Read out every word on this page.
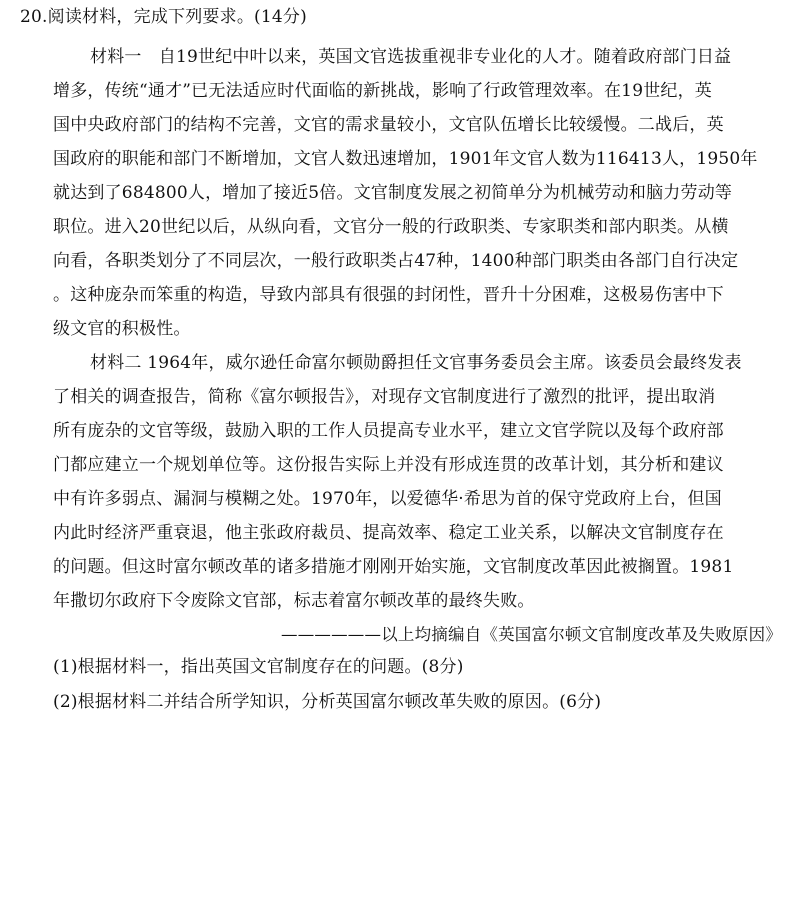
20.阅读材料，完成下列要求。(14分)
材料一　自19世纪中叶以来，英国文官选拔重视非专业化的人才。随着政府部门日益
增多，传统“通才”已无法适应时代面临的新挑战，影响了行政管理效率。在19世纪，英
国中央政府部门的结构不完善，文官的需求量较小，文官队伍增长比较缓慢。二战后，英
国政府的职能和部门不断增加，文官人数迅速增加，1901年文官人数为116413人，1950年
就达到了684800人，增加了接近5倍。文官制度发展之初简单分为机械劳动和脑力劳动等
职位。进入20世纪以后，从纵向看，文官分一般的行政职类、专家职类和部内职类。从横
向看，各职类划分了不同层次，一般行政职类占47种，1400种部门职类由各部门自行决定
。这种庞杂而笨重的构造，导致内部具有很强的封闭性，晋升十分困难，这极易伤害中下
级文官的积极性。
材料二 1964年，威尔逊任命富尔顿勋爵担任文官事务委员会主席。该委员会最终发表
了相关的调查报告，简称《富尔顿报告》，对现存文官制度进行了激烈的批评，提出取消
所有庞杂的文官等级，鼓励入职的工作人员提高专业水平，建立文官学院以及每个政府部
门都应建立一个规划单位等。这份报告实际上并没有形成连贯的改革计划，其分析和建议
中有许多弱点、漏洞与模糊之处。1970年，以爱德华·希思为首的保守党政府上台，但国
内此时经济严重衰退，他主张政府裁员、提高效率、稳定工业关系，以解决文官制度存在
的问题。但这时富尔顿改革的诸多措施才刚刚开始实施，文官制度改革因此被搁置。1981
年撒切尔政府下令废除文官部，标志着富尔顿改革的最终失败。
——————以上均摘编自《英国富尔顿文官制度改革及失败原因》
(1)根据材料一，指出英国文官制度存在的问题。(8分)
(2)根据材料二并结合所学知识，分析英国富尔顿改革失败的原因。(6分)
